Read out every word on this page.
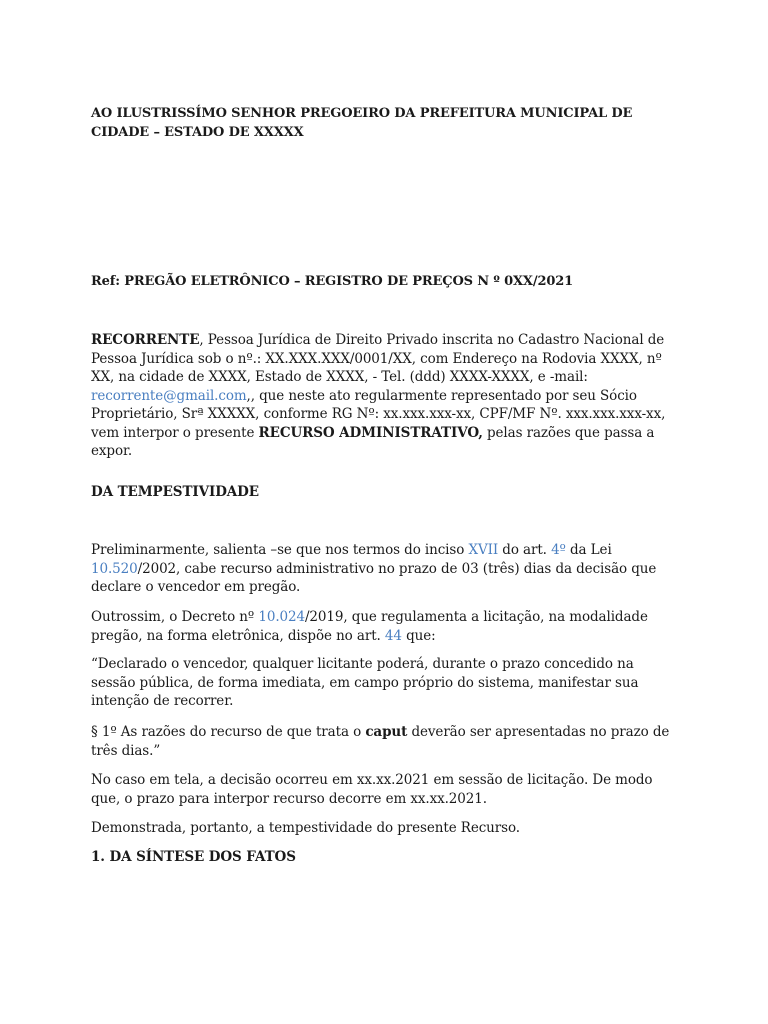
AO ILUSTRISSÍMO SENHOR PREGOEIRO DA PREFEITURA MUNICIPAL DE CIDADE – ESTADO DE XXXXX
Ref: PREGÃO ELETRÔNICO – REGISTRO DE PREÇOS N º 0XX/2021
RECORRENTE, Pessoa Jurídica de Direito Privado inscrita no Cadastro Nacional de Pessoa Jurídica sob o nº.: XX.XXX.XXX/0001/XX, com Endereço na Rodovia XXXX, nº XX, na cidade de XXXX, Estado de XXXX, - Tel. (ddd) XXXX-XXXX, e -mail: recorrente@gmail.com,, que neste ato regularmente representado por seu Sócio Proprietário, Srª XXXXX, conforme RG Nº: xx.xxx.xxx-xx, CPF/MF Nº. xxx.xxx.xxx-xx, vem interpor o presente RECURSO ADMINISTRATIVO, pelas razões que passa a expor.
DA TEMPESTIVIDADE
Preliminarmente, salienta –se que nos termos do inciso XVII do art. 4º da Lei 10.520/2002, cabe recurso administrativo no prazo de 03 (três) dias da decisão que declare o vencedor em pregão.
Outrossim, o Decreto nº 10.024/2019, que regulamenta a licitação, na modalidade pregão, na forma eletrônica, dispõe no art. 44 que:
“Declarado o vencedor, qualquer licitante poderá, durante o prazo concedido na sessão pública, de forma imediata, em campo próprio do sistema, manifestar sua intenção de recorrer.
§ 1º As razões do recurso de que trata o caput deverão ser apresentadas no prazo de três dias.”
No caso em tela, a decisão ocorreu em xx.xx.2021 em sessão de licitação. De modo que, o prazo para interpor recurso decorre em xx.xx.2021.
Demonstrada, portanto, a tempestividade do presente Recurso.
1. DA SÍNTESE DOS FATOS
